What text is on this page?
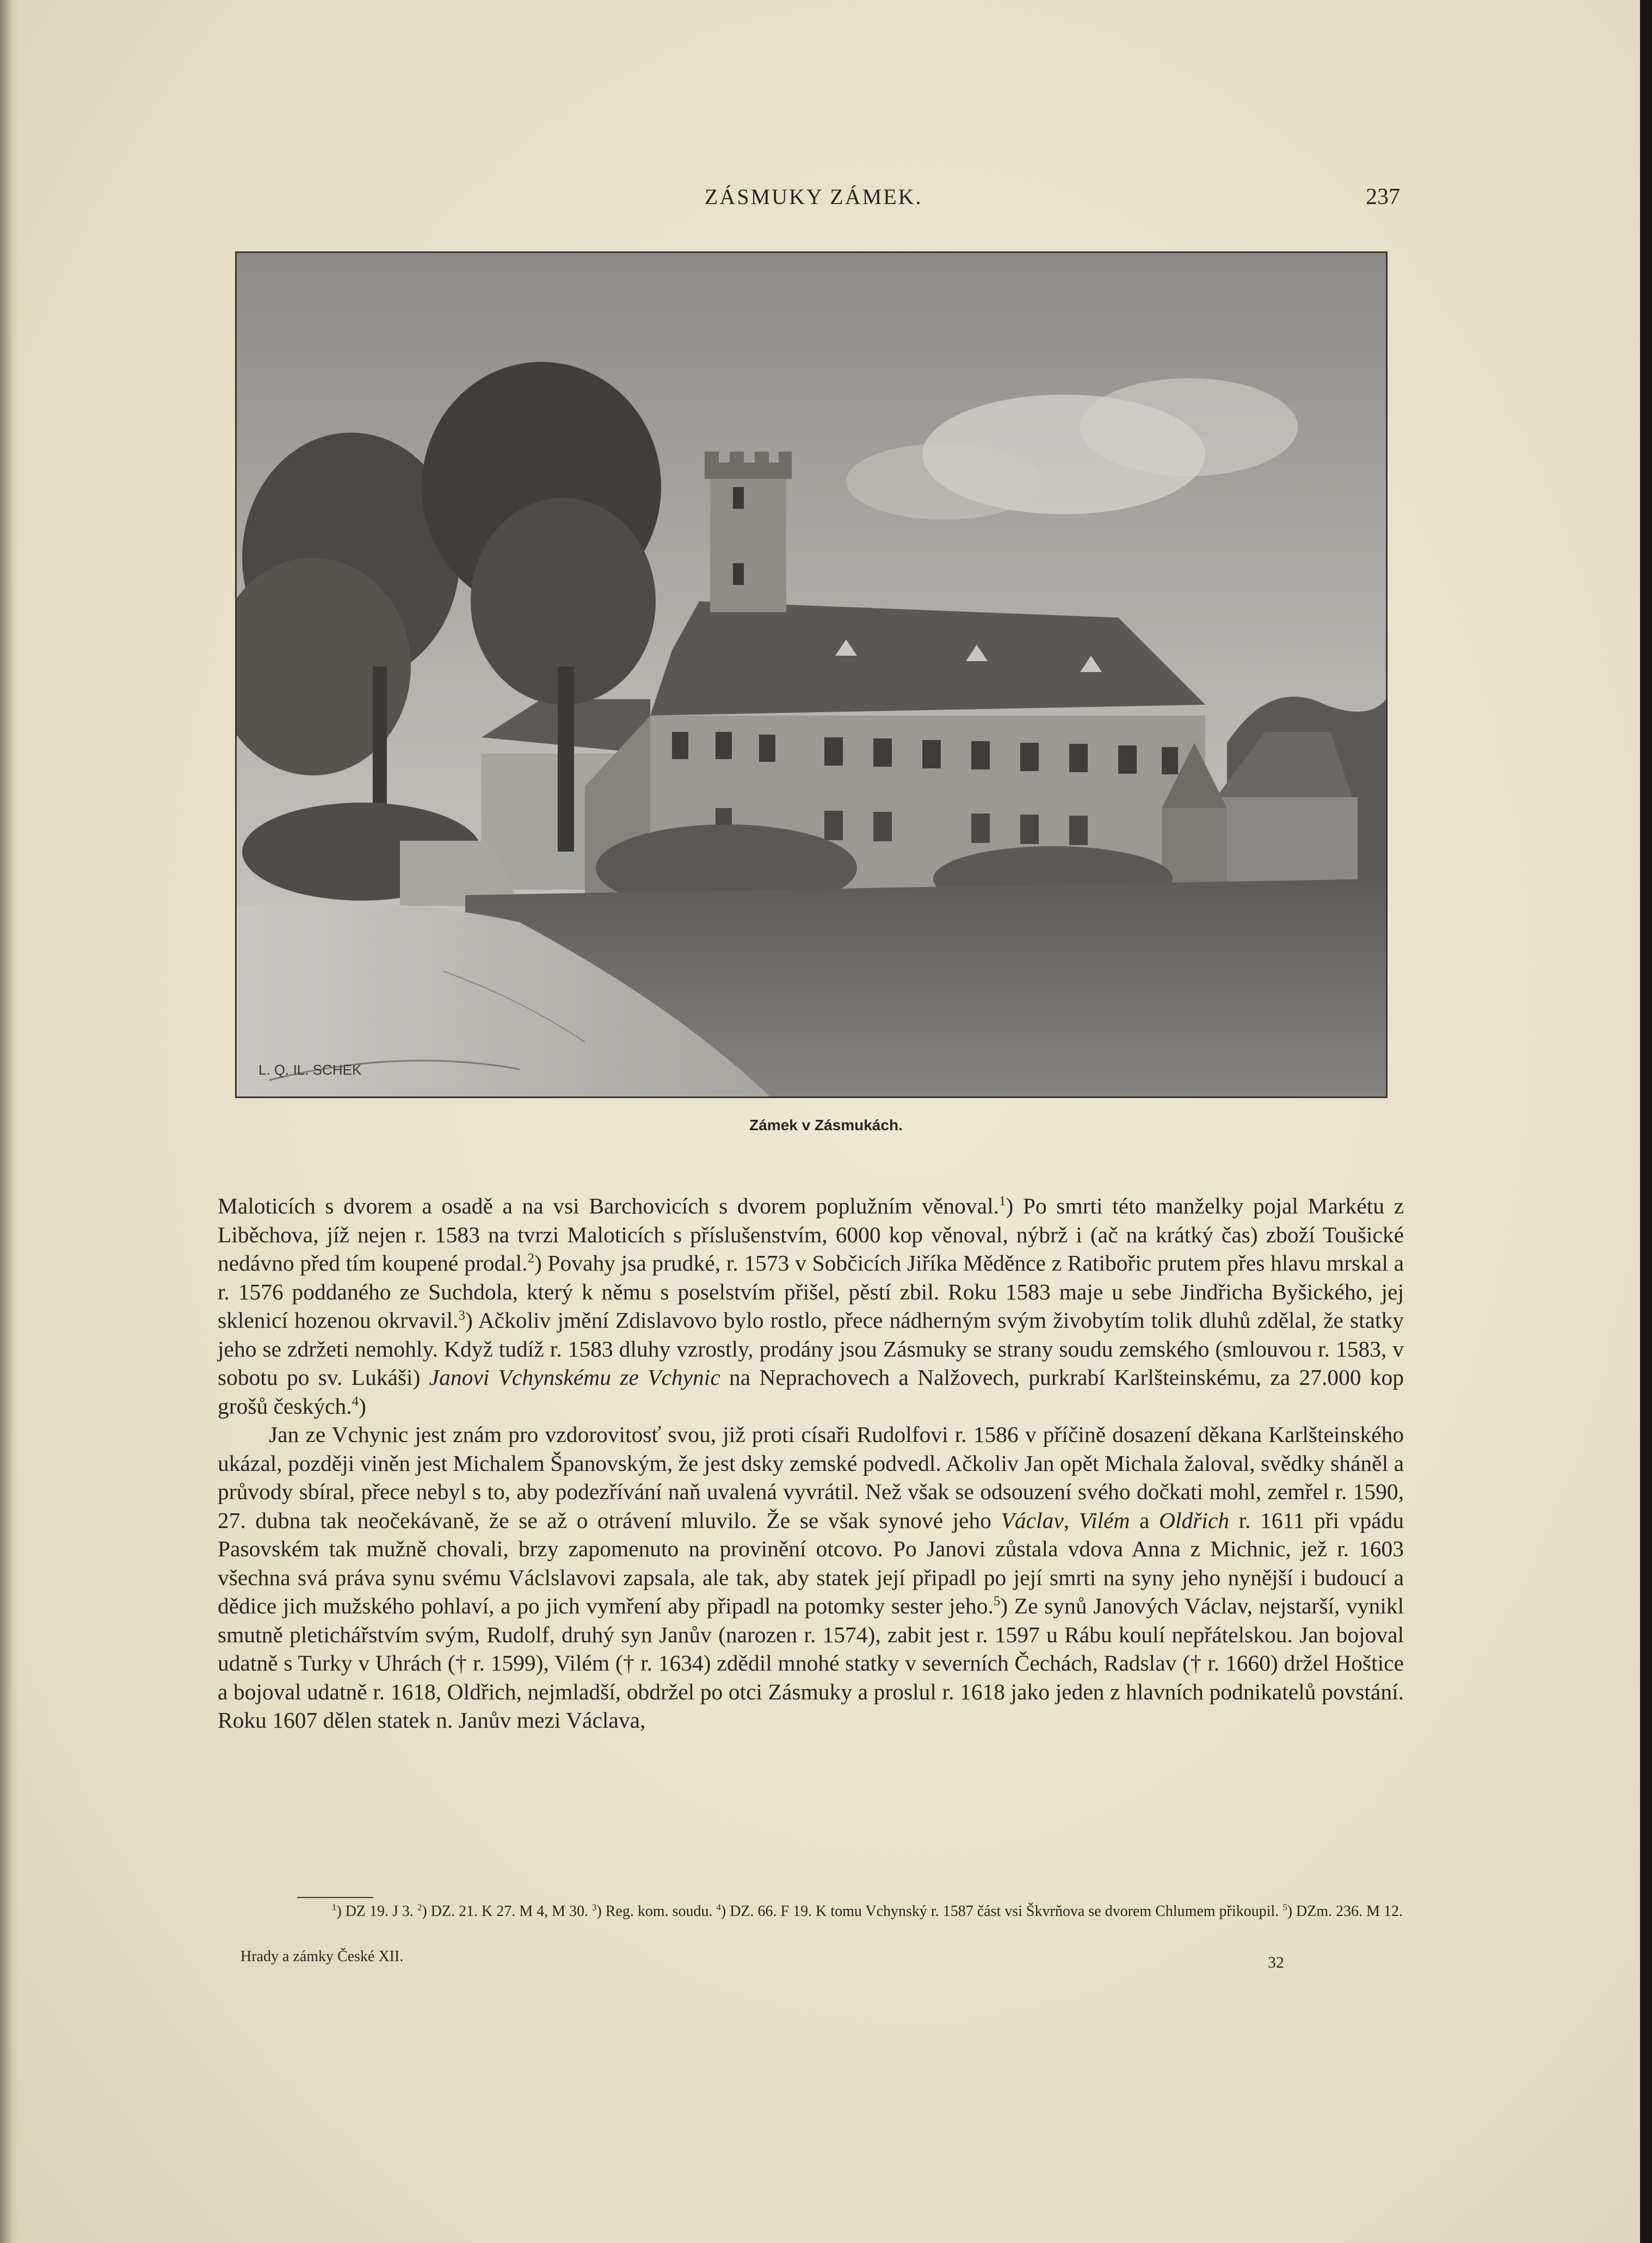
ZÁSMUKY ZÁMEK.	237
L. Q. IL. SCHEK
Zámek v Zásmukách.

Maloticích s dvorem a osadě a na vsi Barchovicích s dvorem poplužním věnoval.$^1$) Po smrti této manželky pojal Markétu z Liběchova, jíž nejen r. 1583 na tvrzi Maloticích s příslušenstvím, 6000 kop věnoval, nýbrž i (ač na krátký čas) zboží Toušické nedávno před tím koupené prodal.$^2$) Povahy jsa prudké, r. 1573 v Sobčicích Jiříka Měděnce z Ratibořic prutem přes hlavu mrskal a r. 1576 poddaného ze Suchdola, který k němu s poselstvím přišel, pěstí zbil. Roku 1583 maje u sebe Jindřicha Byšického, jej sklenicí hozenou okrvavil.$^3$) Ačkoliv jmění Zdislavovo bylo rostlo, přece nádherným svým živobytím tolik dluhů zdělal, že statky jeho se zdržeti nemohly. Když tudíž r. 1583 dluhy vzrostly, prodány jsou Zásmuky se strany soudu zemského (smlouvou r. 1583, v sobotu po sv. Lukáši) Janovi Vchynskému ze Vchynic na Neprachovech a Nalžovech, purkrabí Karlšteinskému, za 27.000 kop grošů českých.$^4$)

Jan ze Vchynic jest znám pro vzdorovitosť svou, již proti císaři Rudolfovi r. 1586 v příčině dosazení děkana Karlšteinského ukázal, později viněn jest Michalem Španovským, že jest dsky zemské podvedl. Ačkoliv Jan opět Michala žaloval, svědky sháněl a průvody sbíral, přece nebyl s to, aby podezřívání naň uvalená vyvrátil. Než však se odsouzení svého dočkati mohl, zemřel r. 1590, 27. dubna tak neočekávaně, že se až o otrávení mluvilo. Že se však synové jeho Václav, Vilém a Oldřich r. 1611 při vpádu Pasovském tak mužně chovali, brzy zapomenuto na provinění otcovo. Po Janovi zůstala vdova Anna z Michnic, jež r. 1603 všechna svá práva synu svému Václslavovi zapsala, ale tak, aby statek její připadl po její smrti na syny jeho nynější i budoucí a dědice jich mužského pohlaví, a po jich vymření aby připadl na potomky sester jeho.$^5$) Ze synů Janových Václav, nejstarší, vynikl smutně pletichářstvím svým, Rudolf, druhý syn Janův (narozen r. 1574), zabit jest r. 1597 u Rábu koulí nepřátelskou. Jan bojoval udatně s Turky v Uhrách († r. 1599), Vilém († r. 1634) zdědil mnohé statky v severních Čechách, Radslav († r. 1660) držel Hoštice a bojoval udatně r. 1618, Oldřich, nejmladší, obdržel po otci Zásmuky a proslul r. 1618 jako jeden z hlavních podnikatelů povstání. Roku 1607 dělen statek n. Janův mezi Václava,

$^1$) DZ 19. J 3. $^2$) DZ. 21. K 27. M 4, M 30. $^3$) Reg. kom. soudu. $^4$) DZ. 66. F 19. K tomu Vchynský r. 1587 část vsi Škvrňova se dvorem Chlumem přikoupil. $^5$) DZm. 236. M 12.

Hrady a zámky České XII.	32
